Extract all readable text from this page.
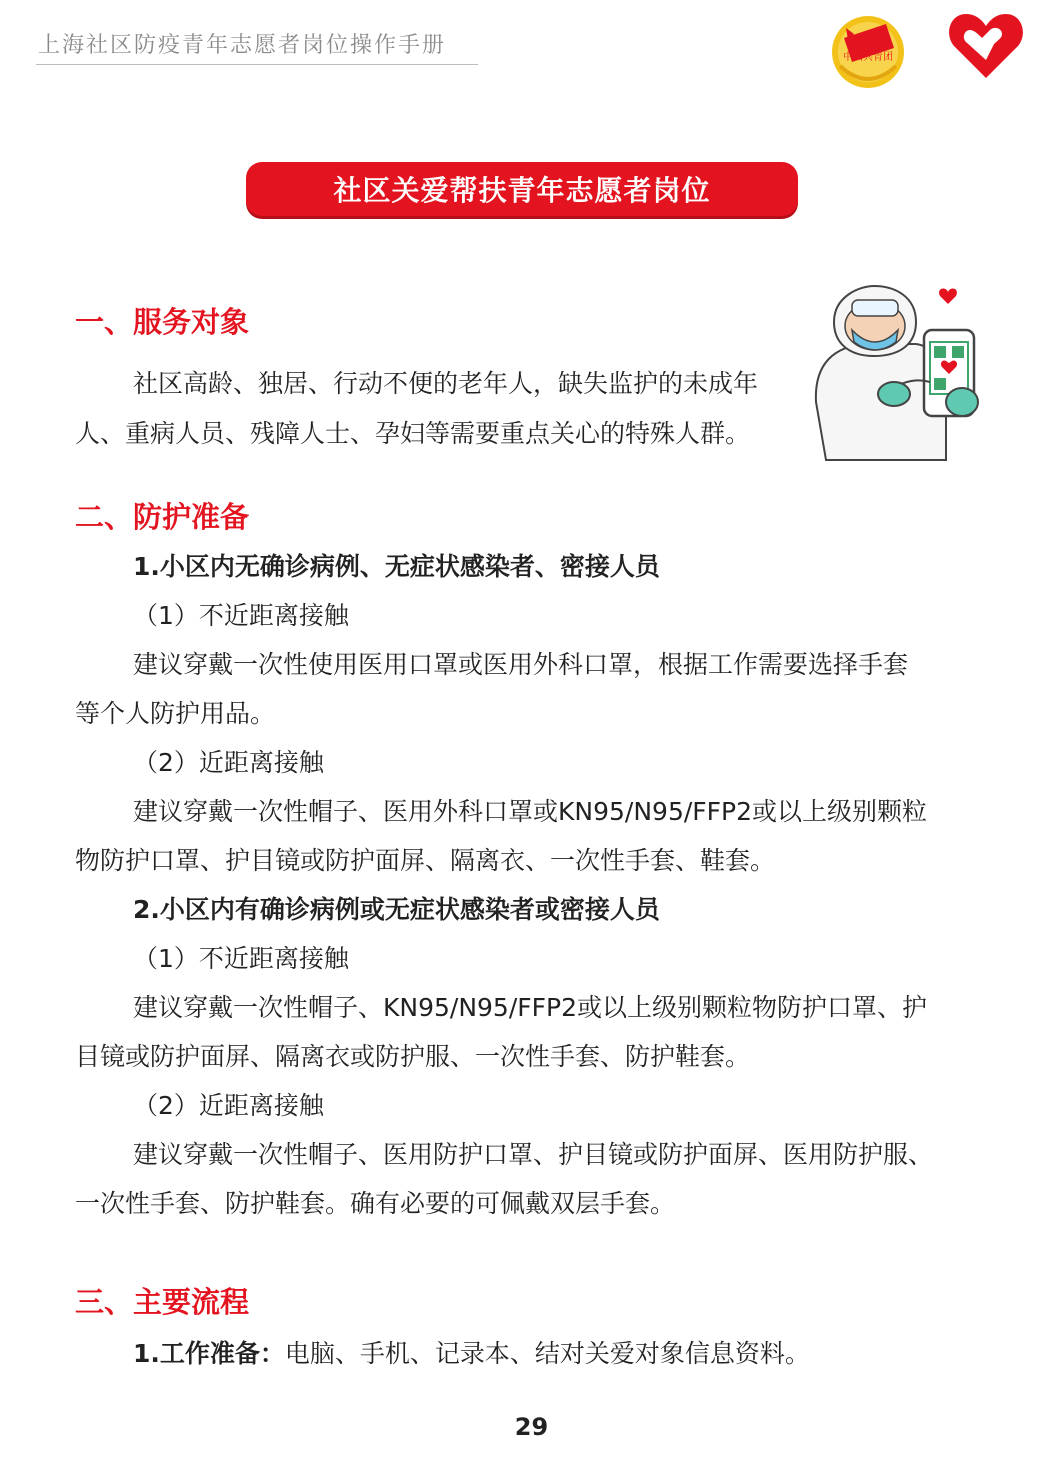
上海社区防疫青年志愿者岗位操作手册	中国共青团
社区关爱帮扶青年志愿者岗位
一、服务对象
社区高龄、独居、行动不便的老年人，缺失监护的未成年
人、重病人员、残障人士、孕妇等需要重点关心的特殊人群。
二、防护准备
1.小区内无确诊病例、无症状感染者、密接人员
（1）不近距离接触
建议穿戴一次性使用医用口罩或医用外科口罩，根据工作需要选择手套
等个人防护用品。
（2）近距离接触
建议穿戴一次性帽子、医用外科口罩或KN95/N95/FFP2或以上级别颗粒
物防护口罩、护目镜或防护面屏、隔离衣、一次性手套、鞋套。
2.小区内有确诊病例或无症状感染者或密接人员
（1）不近距离接触
建议穿戴一次性帽子、KN95/N95/FFP2或以上级别颗粒物防护口罩、护
目镜或防护面屏、隔离衣或防护服、一次性手套、防护鞋套。
（2）近距离接触
建议穿戴一次性帽子、医用防护口罩、护目镜或防护面屏、医用防护服、
一次性手套、防护鞋套。确有必要的可佩戴双层手套。
三、主要流程
1.工作准备：电脑、手机、记录本、结对关爱对象信息资料。
29
